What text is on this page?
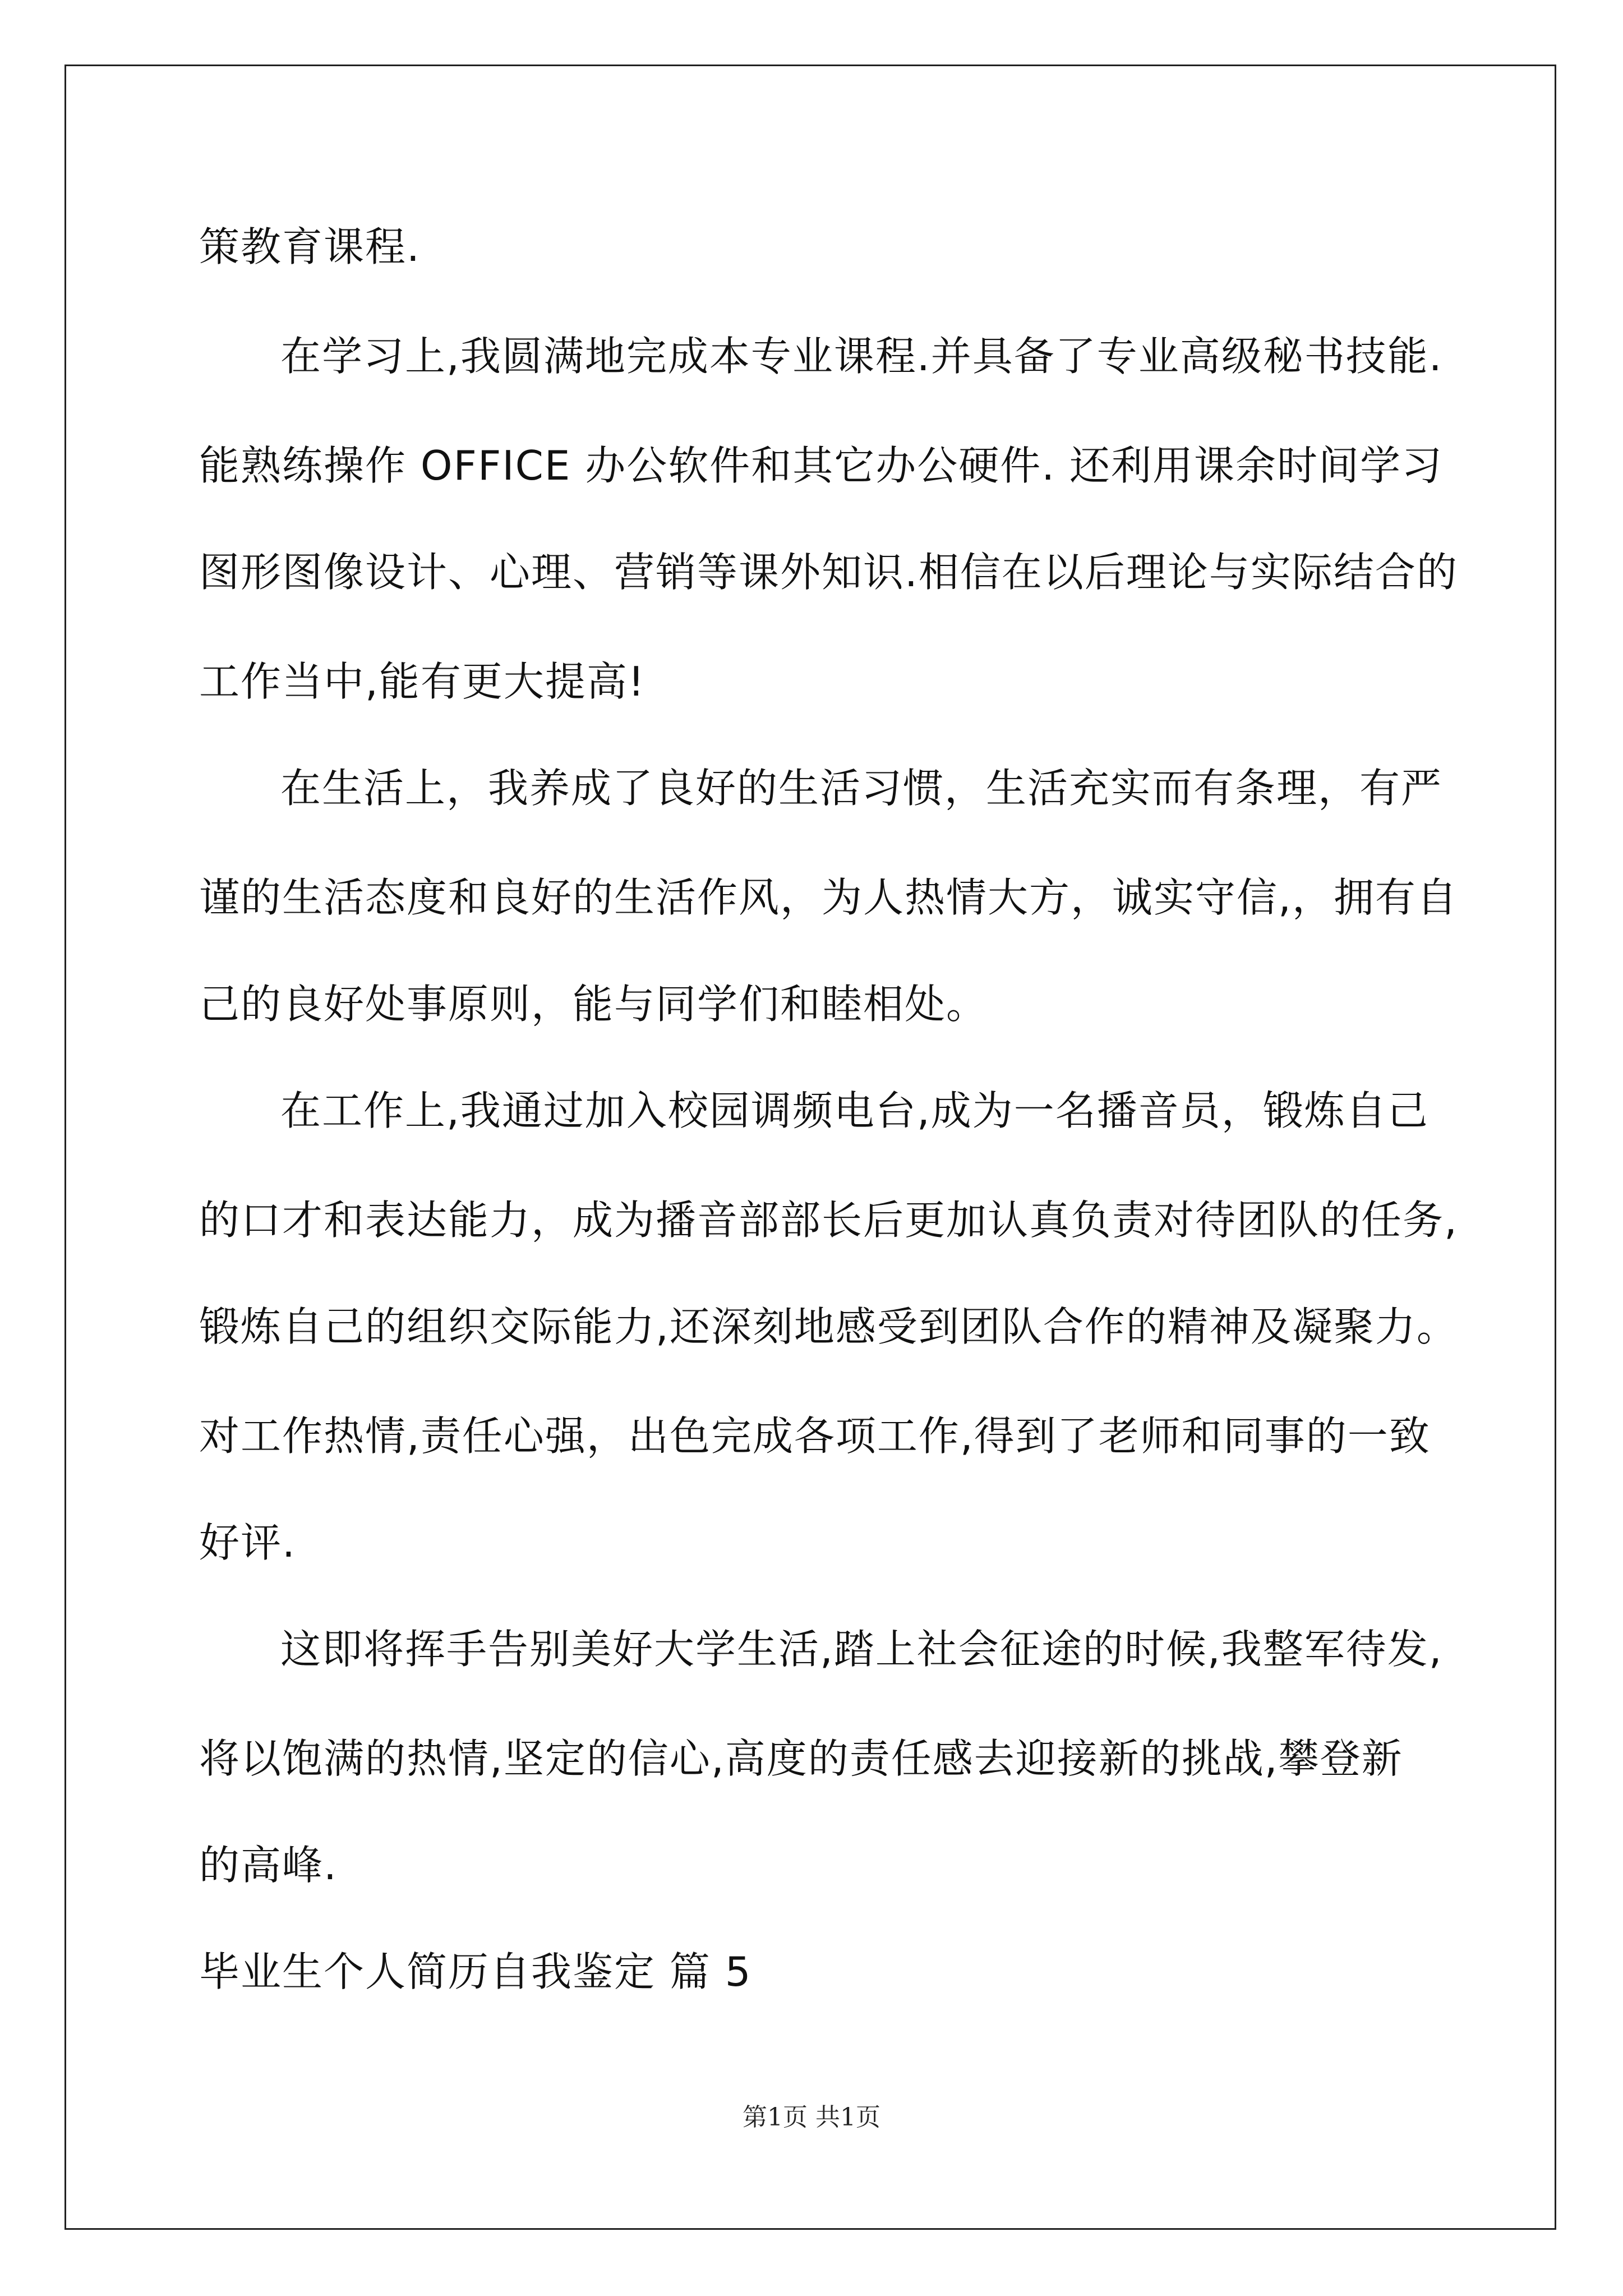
策教育课程.
在学习上,我圆满地完成本专业课程.并具备了专业高级秘书技能.
能熟练操作 OFFICE 办公软件和其它办公硬件. 还利用课余时间学习
图形图像设计、心理、营销等课外知识.相信在以后理论与实际结合的
工作当中,能有更大提高!
在生活上，我养成了良好的生活习惯，生活充实而有条理，有严
谨的生活态度和良好的生活作风，为人热情大方，诚实守信,，拥有自
己的良好处事原则，能与同学们和睦相处。
在工作上,我通过加入校园调频电台,成为一名播音员，锻炼自己
的口才和表达能力，成为播音部部长后更加认真负责对待团队的任务,
锻炼自己的组织交际能力,还深刻地感受到团队合作的精神及凝聚力。
对工作热情,责任心强，出色完成各项工作,得到了老师和同事的一致
好评.
这即将挥手告别美好大学生活,踏上社会征途的时候,我整军待发,
将以饱满的热情,坚定的信心,高度的责任感去迎接新的挑战,攀登新
的高峰.
毕业生个人简历自我鉴定 篇 5
第1页 共1页
